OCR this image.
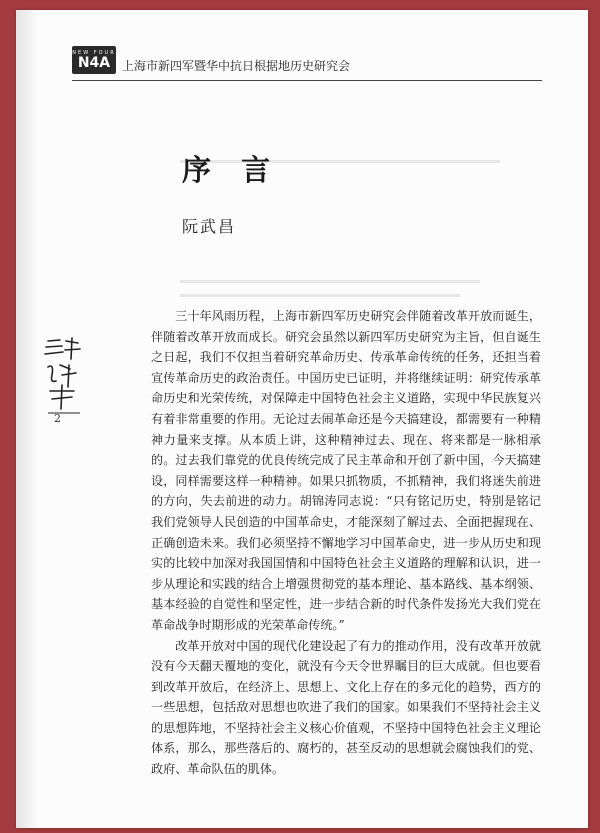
NEW FOUR
N4A 上海市新四军暨华中抗日根据地历史研究会
序 言
阮武昌
2

三十年风雨历程，上海市新四军历史研究会伴随着改革开放而诞生，伴随着改革开放而成长。研究会虽然以新四军历史研究为主旨，但自诞生之日起，我们不仅担当着研究革命历史、传承革命传统的任务，还担当着宣传革命历史的政治责任。中国历史已证明，并将继续证明：研究传承革命历史和光荣传统，对保障走中国特色社会主义道路，实现中华民族复兴有着非常重要的作用。无论过去闹革命还是今天搞建设，都需要有一种精神力量来支撑。从本质上讲，这种精神过去、现在、将来都是一脉相承的。过去我们靠党的优良传统完成了民主革命和开创了新中国，今天搞建设，同样需要这样一种精神。如果只抓物质，不抓精神，我们将迷失前进的方向，失去前进的动力。胡锦涛同志说：“只有铭记历史，特别是铭记我们党领导人民创造的中国革命史，才能深刻了解过去、全面把握现在、正确创造未来。我们必须坚持不懈地学习中国革命史，进一步从历史和现实的比较中加深对我国国情和中国特色社会主义道路的理解和认识，进一步从理论和实践的结合上增强贯彻党的基本理论、基本路线、基本纲领、基本经验的自觉性和坚定性，进一步结合新的时代条件发扬光大我们党在革命战争时期形成的光荣革命传统。”

改革开放对中国的现代化建设起了有力的推动作用，没有改革开放就没有今天翻天覆地的变化，就没有今天令世界瞩目的巨大成就。但也要看到改革开放后，在经济上、思想上、文化上存在的多元化的趋势，西方的一些思想，包括敌对思想也吹进了我们的国家。如果我们不坚持社会主义的思想阵地，不坚持社会主义核心价值观，不坚持中国特色社会主义理论体系，那么，那些落后的、腐朽的，甚至反动的思想就会腐蚀我们的党、政府、革命队伍的肌体。
